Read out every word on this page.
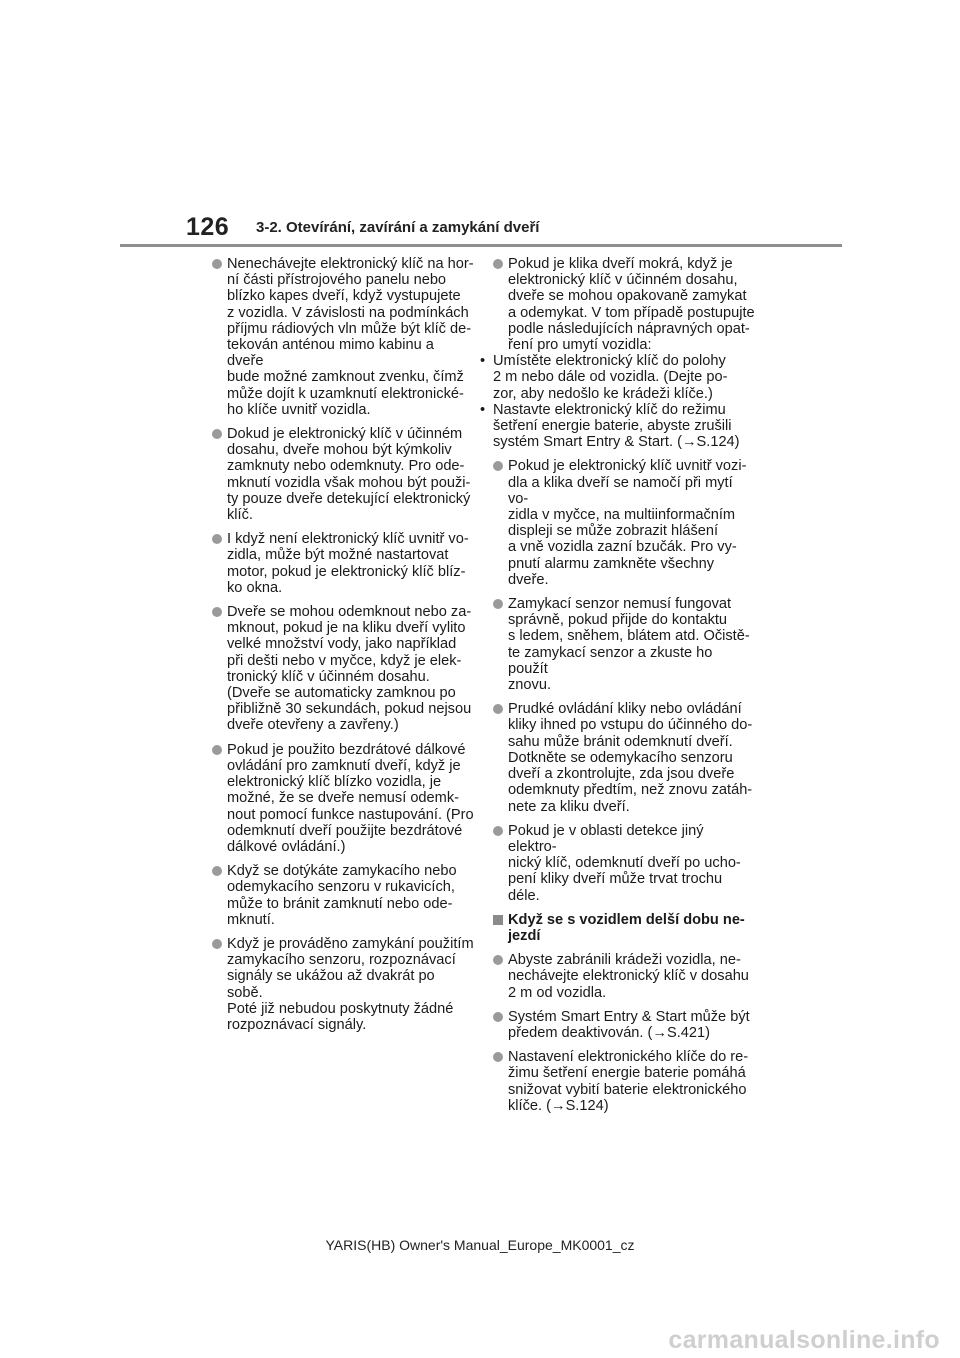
126 3-2. Otevírání, zavírání a zamykání dveří
Nenechávejte elektronický klíč na hor-
ní části přístrojového panelu nebo
blízko kapes dveří, když vystupujete
z vozidla. V závislosti na podmínkách
příjmu rádiových vln může být klíč de-
tekován anténou mimo kabinu a dveře
bude možné zamknout zvenku, čímž
může dojít k uzamknutí elektronické-
ho klíče uvnitř vozidla.
Dokud je elektronický klíč v účinném
dosahu, dveře mohou být kýmkoliv
zamknuty nebo odemknuty. Pro ode-
mknutí vozidla však mohou být použi-
ty pouze dveře detekující elektronický
klíč.
I když není elektronický klíč uvnitř vo-
zidla, může být možné nastartovat
motor, pokud je elektronický klíč blíz-
ko okna.
Dveře se mohou odemknout nebo za-
mknout, pokud je na kliku dveří vylito
velké množství vody, jako například
při dešti nebo v myčce, když je elek-
tronický klíč v účinném dosahu.
(Dveře se automaticky zamknou po
přibližně 30 sekundách, pokud nejsou
dveře otevřeny a zavřeny.)
Pokud je použito bezdrátové dálkové
ovládání pro zamknutí dveří, když je
elektronický klíč blízko vozidla, je
možné, že se dveře nemusí odemk-
nout pomocí funkce nastupování. (Pro
odemknutí dveří použijte bezdrátové
dálkové ovládání.)
Když se dotýkáte zamykacího nebo
odemykacího senzoru v rukavicích,
může to bránit zamknutí nebo ode-
mknutí.
Když je prováděno zamykání použitím
zamykacího senzoru, rozpoznávací
signály se ukážou až dvakrát po sobě.
Poté již nebudou poskytnuty žádné
rozpoznávací signály.
Pokud je klika dveří mokrá, když je
elektronický klíč v účinném dosahu,
dveře se mohou opakovaně zamykat
a odemykat. V tom případě postupujte
podle následujících nápravných opat-
ření pro umytí vozidla:
• Umístěte elektronický klíč do polohy
2 m nebo dále od vozidla. (Dejte po-
zor, aby nedošlo ke krádeži klíče.)
• Nastavte elektronický klíč do režimu
šetření energie baterie, abyste zrušili
systém Smart Entry & Start. (→S.124)
Pokud je elektronický klíč uvnitř vozi-
dla a klika dveří se namočí při mytí vo-
zidla v myčce, na multiinformačním
displeji se může zobrazit hlášení
a vně vozidla zazní bzučák. Pro vy-
pnutí alarmu zamkněte všechny
dveře.
Zamykací senzor nemusí fungovat
správně, pokud přijde do kontaktu
s ledem, sněhem, blátem atd. Očistě-
te zamykací senzor a zkuste ho použít
znovu.
Prudké ovládání kliky nebo ovládání
kliky ihned po vstupu do účinného do-
sahu může bránit odemknutí dveří.
Dotkněte se odemykacího senzoru
dveří a zkontrolujte, zda jsou dveře
odemknuty předtím, než znovu zatáh-
nete za kliku dveří.
Pokud je v oblasti detekce jiný elektro-
nický klíč, odemknutí dveří po ucho-
pení kliky dveří může trvat trochu
déle.
Když se s vozidlem delší dobu ne-
jezdí
Abyste zabránili krádeži vozidla, ne-
nechávejte elektronický klíč v dosahu
2 m od vozidla.
Systém Smart Entry & Start může být
předem deaktivován. (→S.421)
Nastavení elektronického klíče do re-
žimu šetření energie baterie pomáhá
snižovat vybití baterie elektronického
klíče. (→S.124)
YARIS(HB) Owner's Manual_Europe_MK0001_cz
carmanualsonline.info
